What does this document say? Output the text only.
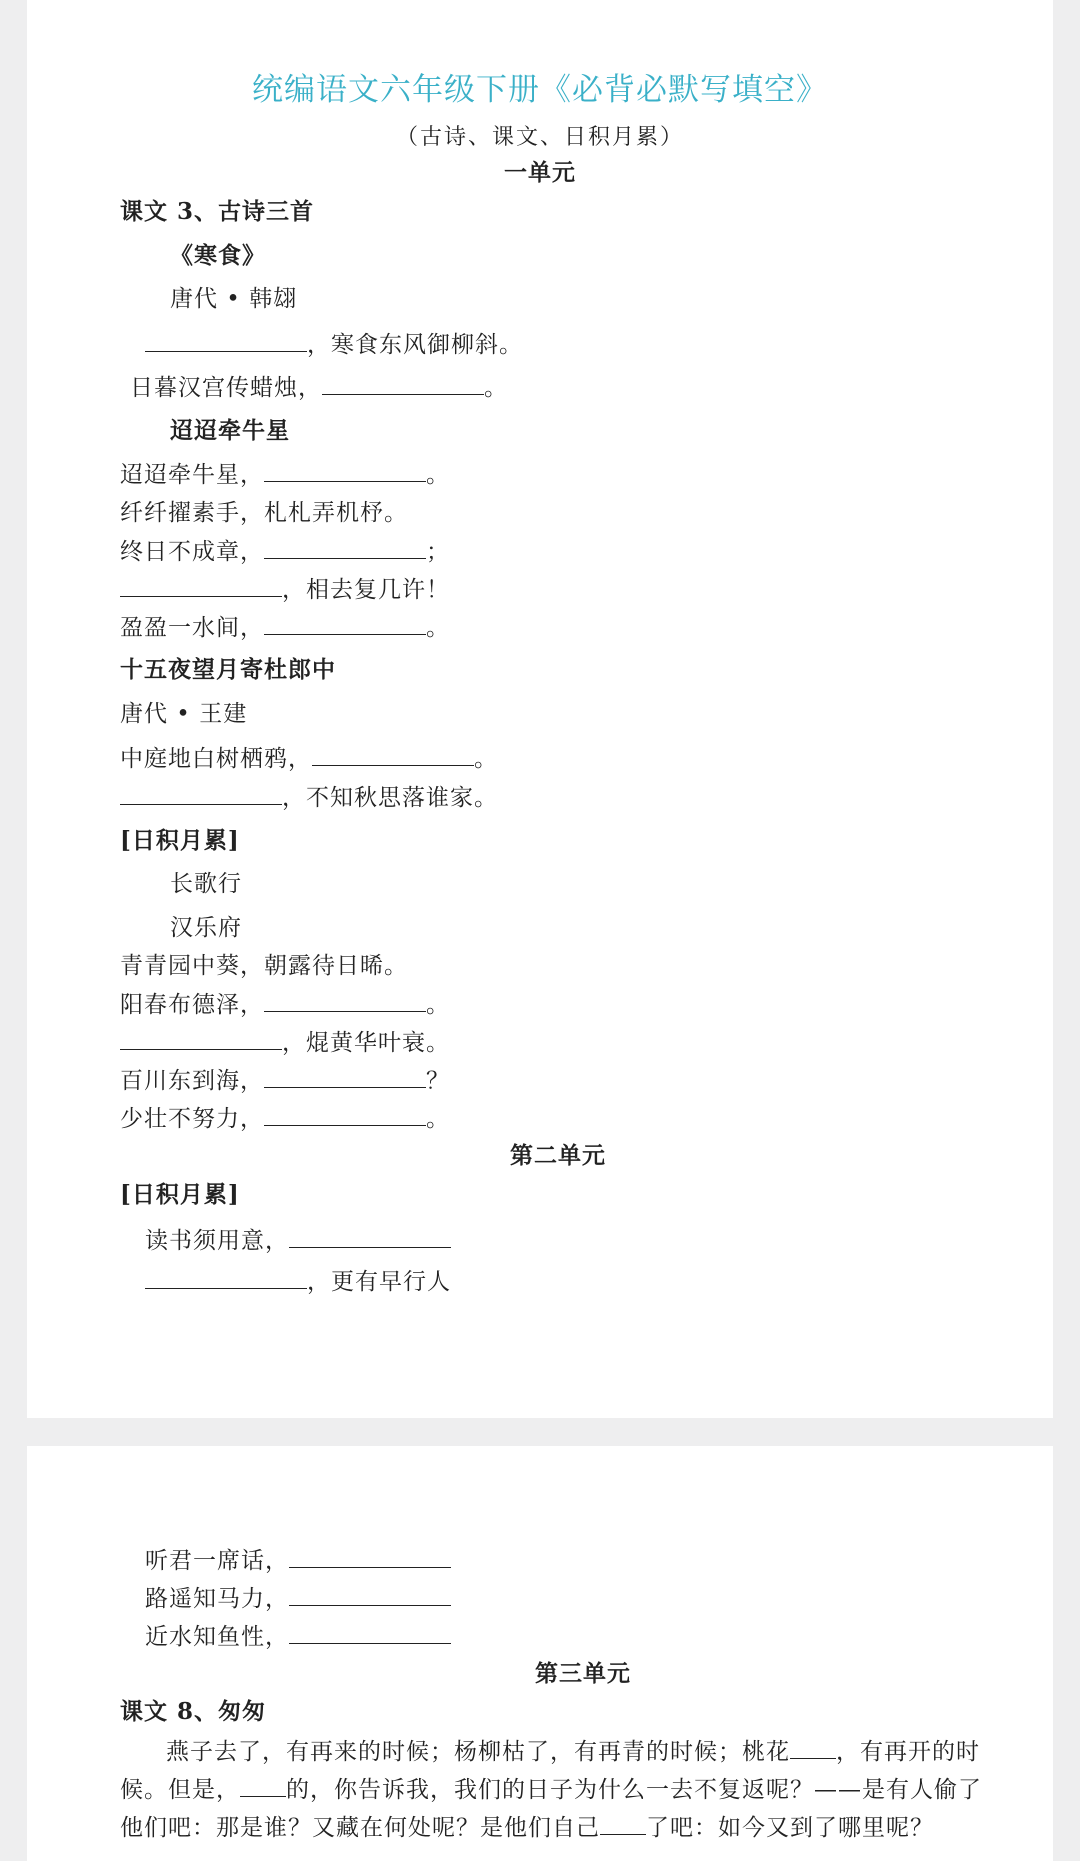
统编语文六年级下册《必背必默写填空》
（古诗、课文、日积月累）
一单元
课文 3、古诗三首
《寒食》
唐代 • 韩翃
，寒食东风御柳斜。
日暮汉宫传蜡烛，	。
迢迢牵牛星
迢迢牵牛星，	。
纤纤擢素手，札札弄机杼。
终日不成章，	；
，相去复几许！
盈盈一水间，	。
十五夜望月寄杜郎中
唐代 • 王建
中庭地白树栖鸦，	。
，不知秋思落谁家。
[日积月累]
长歌行
汉乐府
青青园中葵，朝露待日晞。
阳春布德泽，	。
，焜黄华叶衰。
百川东到海，	？
少壮不努力，	。
第二单元
[日积月累]
读书须用意，
，更有早行人
听君一席话，
路遥知马力，
近水知鱼性，
第三单元
课文 8、匆匆
燕子去了，有再来的时候；杨柳枯了，有再青的时候；桃花 ，有再开的时 候。但是， 的，你告诉我，我们的日子为什么一去不复返呢？——是有人偷了他们吧：那是谁？又藏在何处呢？是他们自己 了吧：如今又到了哪里呢？
